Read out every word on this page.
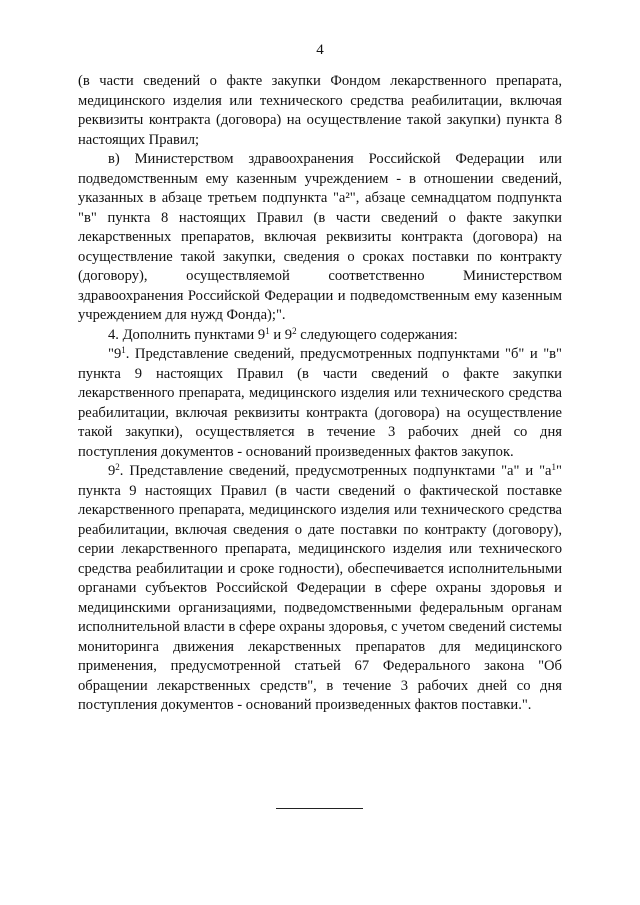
4

(в части сведений о факте закупки Фондом лекарственного препарата, медицинского изделия или технического средства реабилитации, включая реквизиты контракта (договора) на осуществление такой закупки) пункта 8 настоящих Правил;

в) Министерством здравоохранения Российской Федерации или подведомственным ему казенным учреждением - в отношении сведений, указанных в абзаце третьем подпункта "а²", абзаце семнадцатом подпункта "в" пункта 8 настоящих Правил (в части сведений о факте закупки лекарственных препаратов, включая реквизиты контракта (договора) на осуществление такой закупки, сведения о сроках поставки по контракту (договору), осуществляемой соответственно Министерством здравоохранения Российской Федерации и подведомственным ему казенным учреждением для нужд Фонда);".

4. Дополнить пунктами $9^1$ и $9^2$ следующего содержания:

"$9^1$. Представление сведений, предусмотренных подпунктами "б" и "в" пункта 9 настоящих Правил (в части сведений о факте закупки лекарственного препарата, медицинского изделия или технического средства реабилитации, включая реквизиты контракта (договора) на осуществление такой закупки), осуществляется в течение 3 рабочих дней со дня поступления документов - оснований произведенных фактов закупок.

$9^2$. Представление сведений, предусмотренных подпунктами "а" и "$а^1$" пункта 9 настоящих Правил (в части сведений о фактической поставке лекарственного препарата, медицинского изделия или технического средства реабилитации, включая сведения о дате поставки по контракту (договору), серии лекарственного препарата, медицинского изделия или технического средства реабилитации и сроке годности), обеспечивается исполнительными органами субъектов Российской Федерации в сфере охраны здоровья и медицинскими организациями, подведомственными федеральным органам исполнительной власти в сфере охраны здоровья, с учетом сведений системы мониторинга движения лекарственных препаратов для медицинского применения, предусмотренной статьей 67 Федерального закона "Об обращении лекарственных средств", в течение 3 рабочих дней со дня поступления документов - оснований произведенных фактов поставки.".
